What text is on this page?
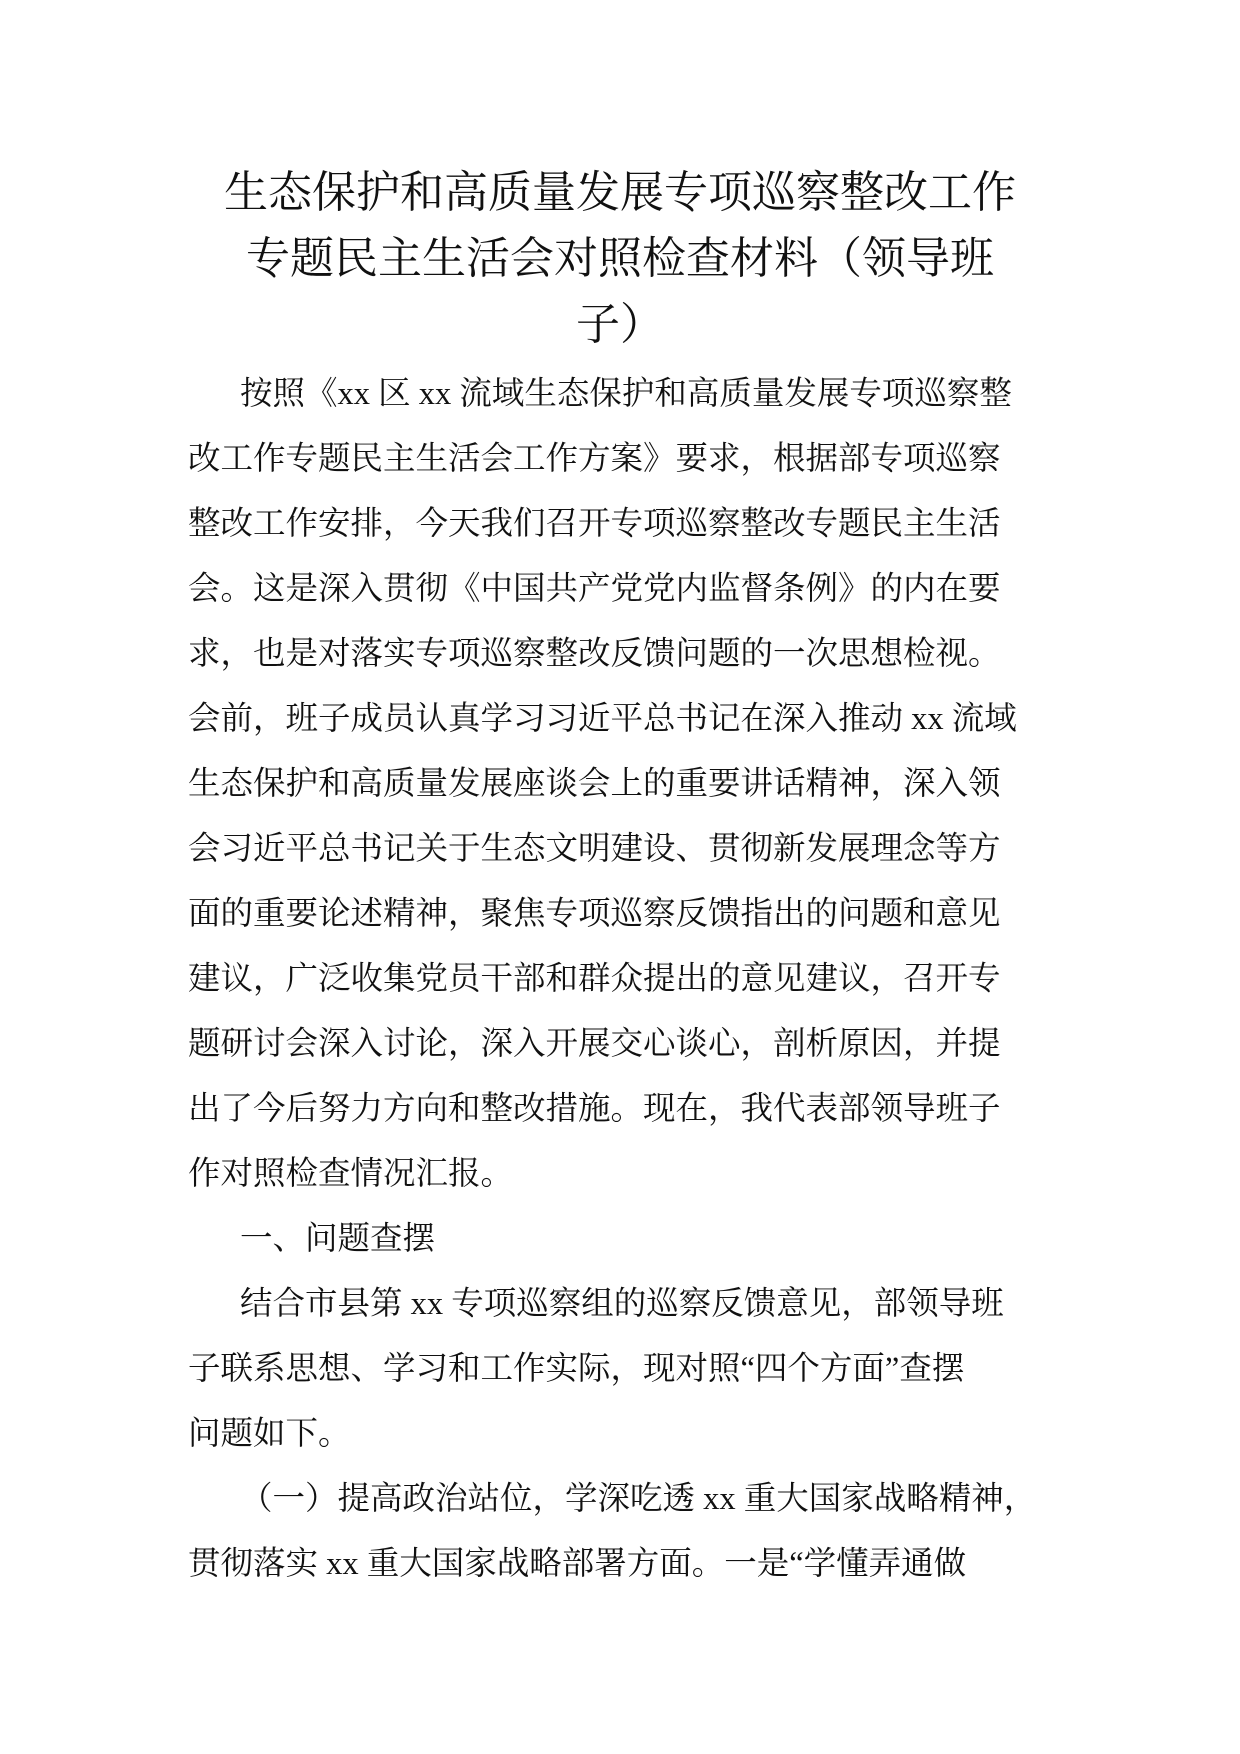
生态保护和高质量发展专项巡察整改工作
专题民主生活会对照检查材料（领导班
子）
按照《xx 区 xx 流域生态保护和高质量发展专项巡察整
改工作专题民主生活会工作方案》要求，根据部专项巡察
整改工作安排，今天我们召开专项巡察整改专题民主生活
会。这是深入贯彻《中国共产党党内监督条例》的内在要
求，也是对落实专项巡察整改反馈问题的一次思想检视。
会前，班子成员认真学习习近平总书记在深入推动 xx 流域
生态保护和高质量发展座谈会上的重要讲话精神，深入领
会习近平总书记关于生态文明建设、贯彻新发展理念等方
面的重要论述精神，聚焦专项巡察反馈指出的问题和意见
建议，广泛收集党员干部和群众提出的意见建议，召开专
题研讨会深入讨论，深入开展交心谈心，剖析原因，并提
出了今后努力方向和整改措施。现在，我代表部领导班子
作对照检查情况汇报。
一、问题查摆
结合市县第 xx 专项巡察组的巡察反馈意见，部领导班
子联系思想、学习和工作实际，现对照“四个方面”查摆
问题如下。
（一）提高政治站位，学深吃透 xx 重大国家战略精神，
贯彻落实 xx 重大国家战略部署方面。一是“学懂弄通做
